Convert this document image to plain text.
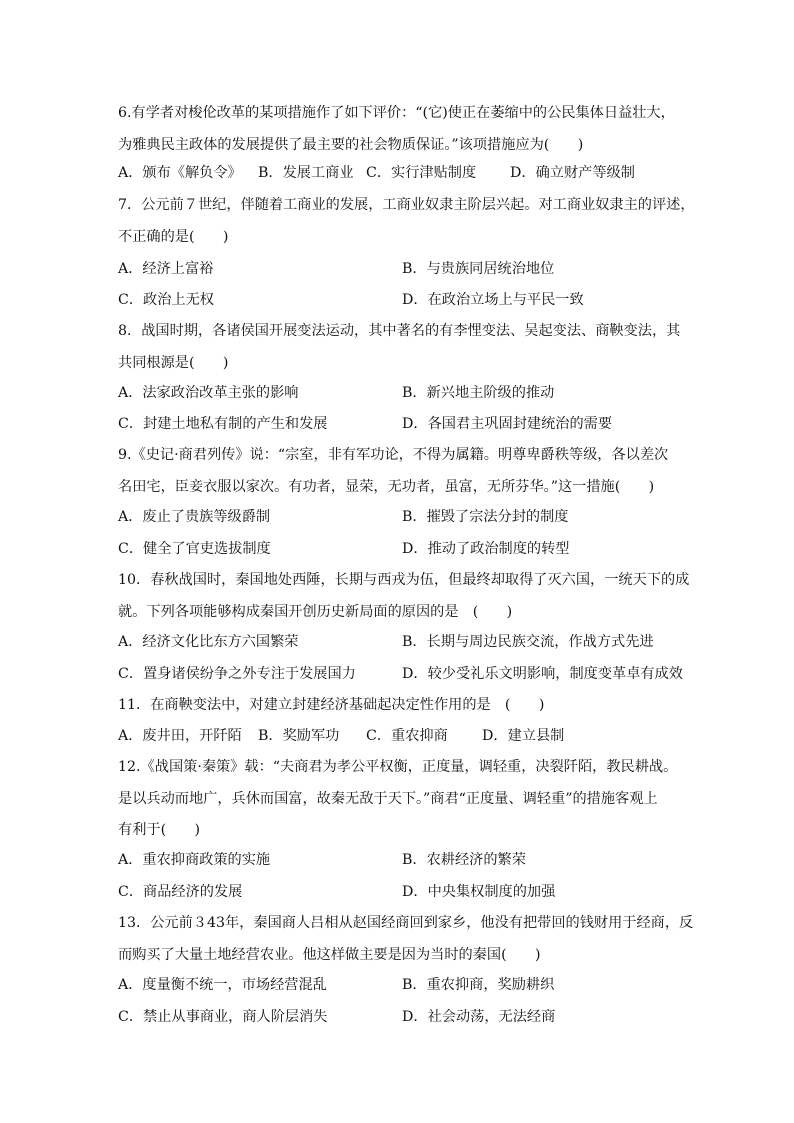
6.有学者对梭伦改革的某项措施作了如下评价：“(它)使正在萎缩中的公民集体日益壮大，
为雅典民主政体的发展提供了最主要的社会物质保证。”该项措施应为(　　)
A．颁布《解负令》 B．发展工商业 C．实行津贴制度 D．确立财产等级制
7．公元前７世纪，伴随着工商业的发展，工商业奴隶主阶层兴起。对工商业奴隶主的评述，
不正确的是(　　)
A．经济上富裕	B．与贵族同居统治地位
C．政治上无权	D．在政治立场上与平民一致
8．战国时期，各诸侯国开展变法运动，其中著名的有李悝变法、吴起变法、商鞅变法，其
共同根源是(　　)
A．法家政治改革主张的影响	B．新兴地主阶级的推动
C．封建土地私有制的产生和发展	D．各国君主巩固封建统治的需要
9.《史记·商君列传》说：“宗室，非有军功论，不得为属籍。明尊卑爵秩等级，各以差次
名田宅，臣妾衣服以家次。有功者，显荣，无功者，虽富，无所芬华。”这一措施(　　)
A．废止了贵族等级爵制	B．摧毁了宗法分封的制度
C．健全了官吏选拔制度	D．推动了政治制度的转型
10．春秋战国时，秦国地处西陲，长期与西戎为伍，但最终却取得了灭六国，一统天下的成
就。下列各项能够构成秦国开创历史新局面的原因的是　(　　)
A．经济文化比东方六国繁荣	B．长期与周边民族交流，作战方式先进
C．置身诸侯纷争之外专注于发展国力	D．较少受礼乐文明影响，制度变革卓有成效
11．在商鞅变法中，对建立封建经济基础起决定性作用的是　(　　)
A．废井田，开阡陌 B．奖励军功 C．重农抑商 D．建立县制
12.《战国策·秦策》载：“夫商君为孝公平权衡，正度量，调轻重，决裂阡陌，教民耕战。
是以兵动而地广，兵休而国富，故秦无敌于天下。”商君“正度量、调轻重”的措施客观上
有利于(　　)
A．重农抑商政策的实施	B．农耕经济的繁荣
C．商品经济的发展	D．中央集权制度的加强
13．公元前３43年，秦国商人吕相从赵国经商回到家乡，他没有把带回的钱财用于经商，反
而购买了大量土地经营农业。他这样做主要是因为当时的秦国(　　)
A．度量衡不统一，市场经营混乱	B．重农抑商，奖励耕织
C．禁止从事商业，商人阶层消失	D．社会动荡，无法经商
